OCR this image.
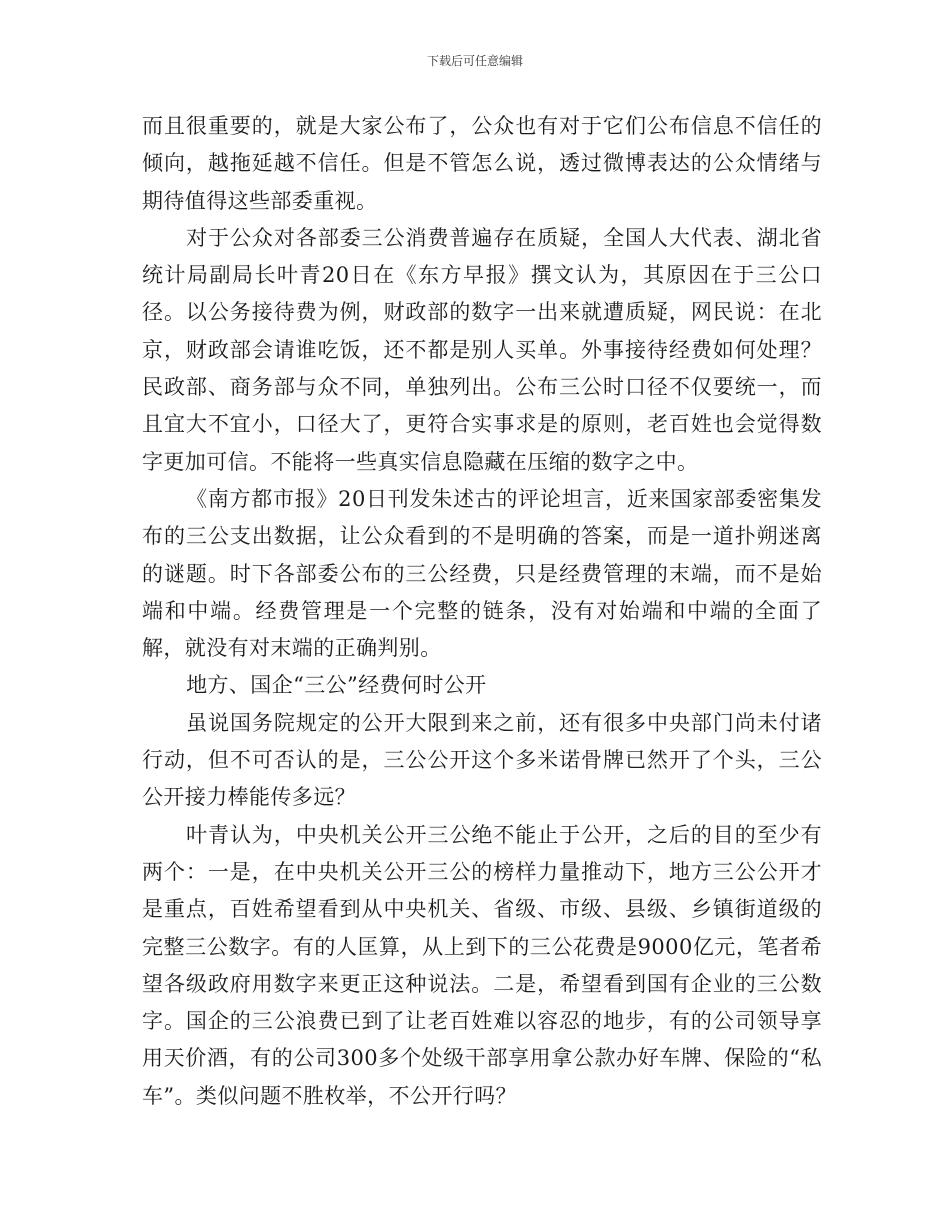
下载后可任意编辑

而且很重要的，就是大家公布了，公众也有对于它们公布信息不信任的倾向，越拖延越不信任。但是不管怎么说，透过微博表达的公众情绪与期待值得这些部委重视。

对于公众对各部委三公消费普遍存在质疑，全国人大代表、湖北省统计局副局长叶青20日在《东方早报》撰文认为，其原因在于三公口径。以公务接待费为例，财政部的数字一出来就遭质疑，网民说：在北京，财政部会请谁吃饭，还不都是别人买单。外事接待经费如何处理？民政部、商务部与众不同，单独列出。公布三公时口径不仅要统一，而且宜大不宜小，口径大了，更符合实事求是的原则，老百姓也会觉得数字更加可信。不能将一些真实信息隐藏在压缩的数字之中。

《南方都市报》20日刊发朱述古的评论坦言，近来国家部委密集发布的三公支出数据，让公众看到的不是明确的答案，而是一道扑朔迷离的谜题。时下各部委公布的三公经费，只是经费管理的末端，而不是始端和中端。经费管理是一个完整的链条，没有对始端和中端的全面了解，就没有对末端的正确判别。

地方、国企“三公”经费何时公开

虽说国务院规定的公开大限到来之前，还有很多中央部门尚未付诸行动，但不可否认的是，三公公开这个多米诺骨牌已然开了个头，三公公开接力棒能传多远？

叶青认为，中央机关公开三公绝不能止于公开，之后的目的至少有两个：一是，在中央机关公开三公的榜样力量推动下，地方三公公开才是重点，百姓希望看到从中央机关、省级、市级、县级、乡镇街道级的完整三公数字。有的人匡算，从上到下的三公花费是9000亿元，笔者希望各级政府用数字来更正这种说法。二是，希望看到国有企业的三公数字。国企的三公浪费已到了让老百姓难以容忍的地步，有的公司领导享用天价酒，有的公司300多个处级干部享用拿公款办好车牌、保险的“私车”。类似问题不胜枚举，不公开行吗？
